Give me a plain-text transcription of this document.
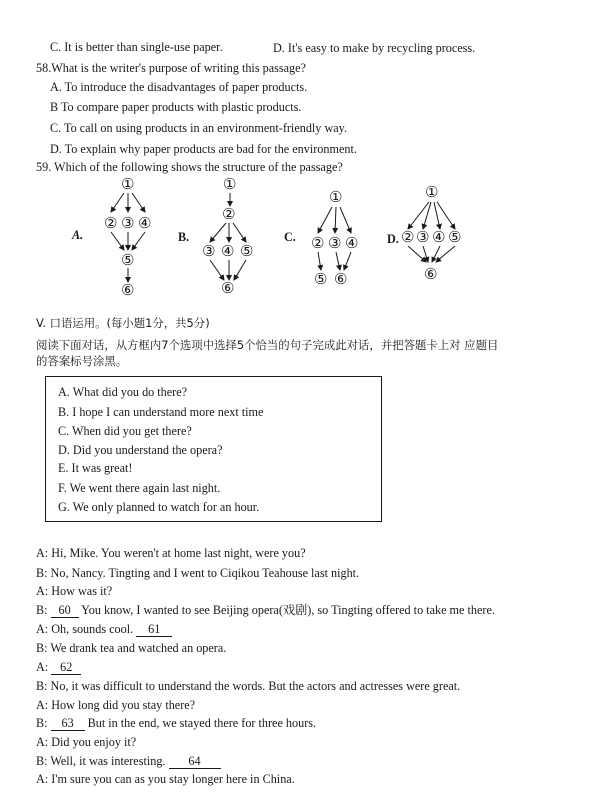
C. It is better than single-use paper.	D. It's easy to make by recycling process.
58.What is the writer's purpose of writing this passage?
A. To introduce the disadvantages of paper products.
B To compare paper products with plastic products.
C. To call on using products in an environment-friendly way.
D. To explain why paper products are bad for the environment.
59. Which of the following shows the structure of the passage?
A.	B.	C.	D.
①
② ③ ④
⑤
⑥
①
②
③ ④ ⑤
⑥
①
② ③ ④
⑤ ⑥
①
② ③ ④ ⑤
⑥
V. 口语运用。(每小题1分，共5分)
阅读下面对话，从方框内7个选项中选择5个恰当的句子完成此对话，并把答题卡上对 应题目
的答案标号涂黑。
A. What did you do there?
B. I hope I can understand more next time
C. When did you get there?
D. Did you understand the opera?
E. It was great!
F. We went there again last night.
G. We only planned to watch for an hour.
A: Hi, Mike. You weren't at home last night, were you?
B: No, Nancy. Tingting and I went to Ciqikou Teahouse last night.
A: How was it?
B: 60 You know, I wanted to see Beijing opera(戏剧), so Tingting offered to take me there.
A: Oh, sounds cool. 61
B: We drank tea and watched an opera.
A: 62
B: No, it was difficult to understand the words. But the actors and actresses were great.
A: How long did you stay there?
B: 63 But in the end, we stayed there for three hours.
A: Did you enjoy it?
B: Well, it was interesting. 64
A: I'm sure you can as you stay longer here in China.
